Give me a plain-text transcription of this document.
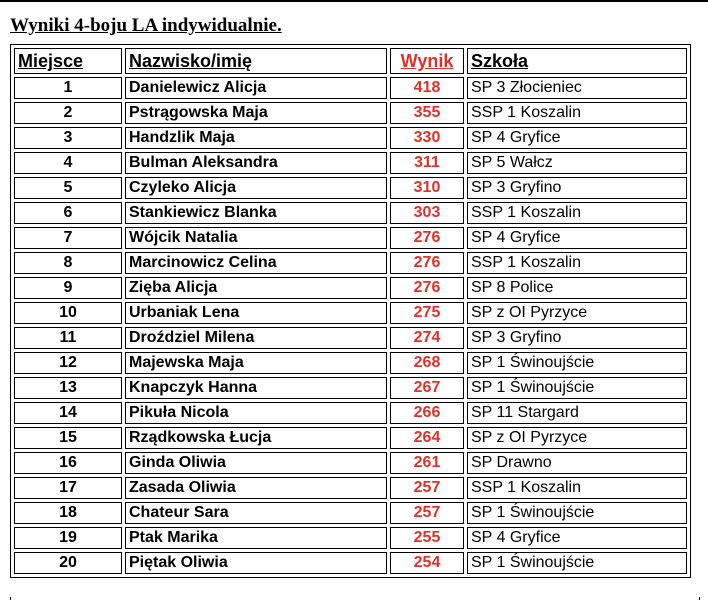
Wyniki 4-boju LA indywidualnie.
Miejsce	Nazwisko/imię	Wynik	Szkoła
1	Danielewicz Alicja	418	SP 3 Złocieniec
2	Pstrągowska Maja	355	SSP 1 Koszalin
3	Handzlik Maja	330	SP 4 Gryfice
4	Bulman Aleksandra	311	SP 5 Wałcz
5	Czyleko Alicja	310	SP 3 Gryfino
6	Stankiewicz Blanka	303	SSP 1 Koszalin
7	Wójcik Natalia	276	SP 4 Gryfice
8	Marcinowicz Celina	276	SSP 1 Koszalin
9	Zięba Alicja	276	SP 8 Police
10	Urbaniak Lena	275	SP z OI Pyrzyce
11	Droździel Milena	274	SP 3 Gryfino
12	Majewska Maja	268	SP 1 Świnoujście
13	Knapczyk Hanna	267	SP 1 Świnoujście
14	Pikuła Nicola	266	SP 11 Stargard
15	Rządkowska Łucja	264	SP z OI Pyrzyce
16	Ginda Oliwia	261	SP Drawno
17	Zasada Oliwia	257	SSP 1 Koszalin
18	Chateur Sara	257	SP 1 Świnoujście
19	Ptak Marika	255	SP 4 Gryfice
20	Piętak Oliwia	254	SP 1 Świnoujście
